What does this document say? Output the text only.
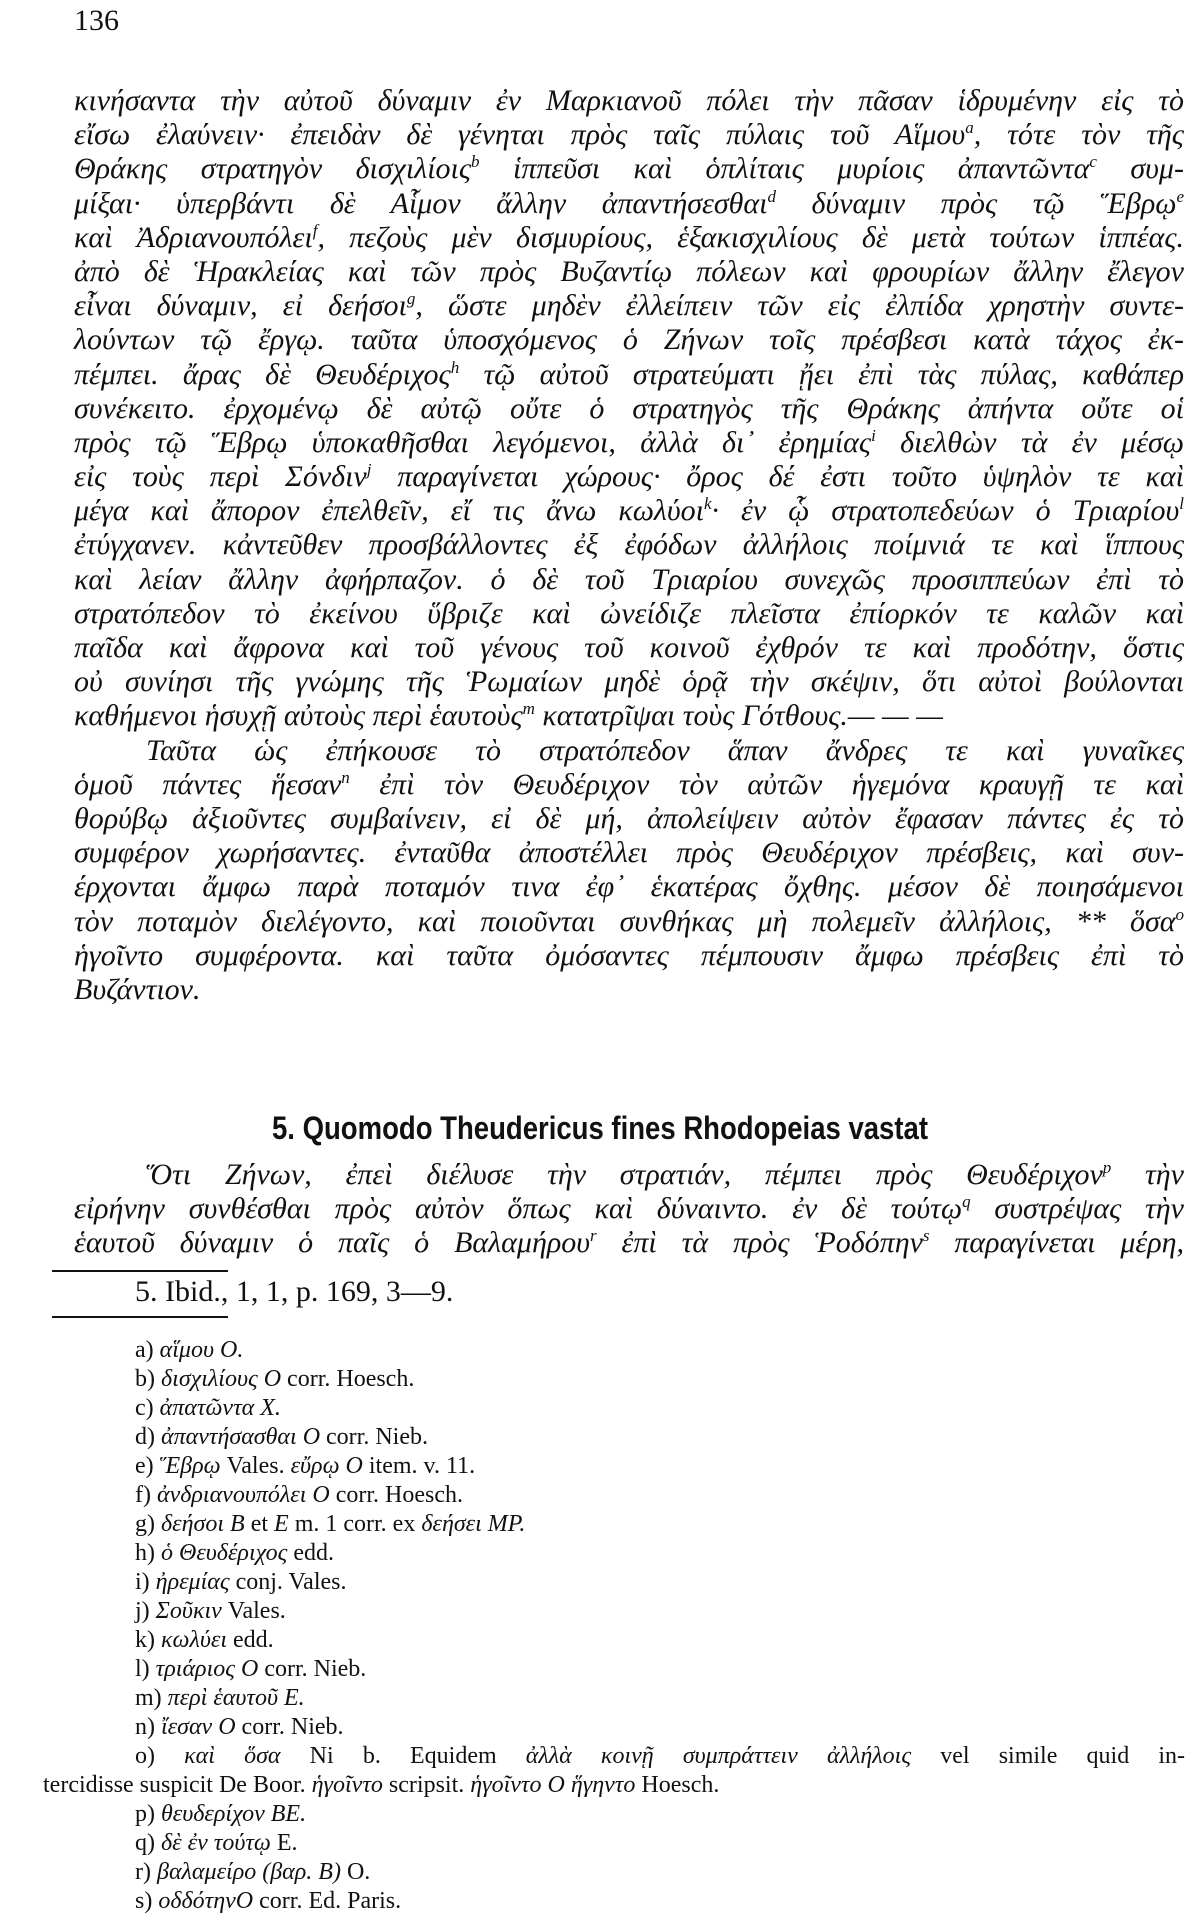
136
κινήσαντα τὴν αὐτοῦ δύναμιν ἐν Μαρκιανοῦ πόλει τὴν πᾶσαν ἱδρυμένην εἰς τὸ
εἴσω ἐλαύνειν· ἐπειδὰν δὲ γένηται πρὸς ταῖς πύλαις τοῦ Αἵμου$^a$, τότε τὸν τῆς
Θράκης στρατηγὸν δισχιλίοις$^b$ ἱππεῦσι καὶ ὁπλίταις μυρίοις ἀπαντῶντα$^c$ συμ-
μίξαι· ὑπερβάντι δὲ Αἷμον ἄλλην ἀπαντήσεσθαι$^d$ δύναμιν πρὸς τῷ Ἕβρῳ$^e$
καὶ Ἀδριανουπόλει$^f$, πεζοὺς μὲν δισμυρίους, ἑξακισχιλίους δὲ μετὰ τούτων ἱππέας.
ἀπὸ δὲ Ἡρακλείας καὶ τῶν πρὸς Βυζαντίῳ πόλεων καὶ φρουρίων ἄλλην ἔλεγον
εἶναι δύναμιν, εἰ δεήσοι$^g$, ὥστε μηδὲν ἐλλείπειν τῶν εἰς ἐλπίδα χρηστὴν συντε-
λούντων τῷ ἔργῳ. ταῦτα ὑποσχόμενος ὁ Ζήνων τοῖς πρέσβεσι κατὰ τάχος ἐκ-
πέμπει. ἄρας δὲ Θευδέριχος$^h$ τῷ αὐτοῦ στρατεύματι ᾔει ἐπὶ τὰς πύλας, καθάπερ
συνέκειτο. ἐρχομένῳ δὲ αὐτῷ οὔτε ὁ στρατηγὸς τῆς Θράκης ἀπήντα οὔτε οἱ
πρὸς τῷ Ἕβρῳ ὑποκαθῆσθαι λεγόμενοι, ἀλλὰ δι᾽ ἐρημίας$^i$ διελθὼν τὰ ἐν μέσῳ
εἰς τοὺς περὶ Σόνδιν$^j$ παραγίνεται χώρους· ὄρος δέ ἐστι τοῦτο ὑψηλὸν τε καὶ
μέγα καὶ ἄπορον ἐπελθεῖν, εἴ τις ἄνω κωλύοι$^k$· ἐν ᾧ στρατοπεδεύων ὁ Τριαρίου$^l$
ἐτύγχανεν. κἀντεῦθεν προσβάλλοντες ἐξ ἐφόδων ἀλλήλοις ποίμνιά τε καὶ ἵππους
καὶ λείαν ἄλλην ἀφήρπαζον. ὁ δὲ τοῦ Τριαρίου συνεχῶς προσιππεύων ἐπὶ τὸ
στρατόπεδον τὸ ἐκείνου ὕβριζε καὶ ὠνείδιζε πλεῖστα ἐπίορκόν τε καλῶν καὶ
παῖδα καὶ ἄφρονα καὶ τοῦ γένους τοῦ κοινοῦ ἐχθρόν τε καὶ προδότην, ὅστις
οὐ συνίησι τῆς γνώμης τῆς Ῥωμαίων μηδὲ ὁρᾷ τὴν σκέψιν, ὅτι αὐτοὶ βούλονται
καθήμενοι ἡσυχῇ αὐτοὺς περὶ ἑαυτοὺς$^m$ κατατρῖψαι τοὺς Γότθους.— — —
Ταῦτα ὡς ἐπήκουσε τὸ στρατόπεδον ἅπαν ἄνδρες τε καὶ γυναῖκες
ὁμοῦ πάντες ἥεσαν$^n$ ἐπὶ τὸν Θευδέριχον τὸν αὐτῶν ἡγεμόνα κραυγῇ τε καὶ
θορύβῳ ἀξιοῦντες συμβαίνειν, εἰ δὲ μή, ἀπολείψειν αὐτὸν ἔφασαν πάντες ἐς τὸ
συμφέρον χωρήσαντες. ἐνταῦθα ἀποστέλλει πρὸς Θευδέριχον πρέσβεις, καὶ συν-
έρχονται ἄμφω παρὰ ποταμόν τινα ἐφ᾽ ἑκατέρας ὄχθης. μέσον δὲ ποιησάμενοι
τὸν ποταμὸν διελέγοντο, καὶ ποιοῦνται συνθήκας μὴ πολεμεῖν ἀλλήλοις, ** ὅσα$^o$
ἡγοῖντο συμφέροντα. καὶ ταῦτα ὀμόσαντες πέμπουσιν ἄμφω πρέσβεις ἐπὶ τὸ
Βυζάντιον.
5. Quomodo Theudericus fines Rhodopeias vastat
Ὅτι Ζήνων, ἐπεὶ διέλυσε τὴν στρατιάν, πέμπει πρὸς Θευδέριχον$^p$ τὴν
εἰρήνην συνθέσθαι πρὸς αὐτὸν ὅπως καὶ δύναιντο. ἐν δὲ τούτῳ$^q$ συστρέψας τὴν
ἑαυτοῦ δύναμιν ὁ παῖς ὁ Βαλαμήρου$^r$ ἐπὶ τὰ πρὸς Ῥοδόπην$^s$ παραγίνεται μέρη,
5. Ibid., 1, 1, p. 169, 3—9.
a) αἵμου O.
b) δισχιλίους O corr. Hoesch.
c) ἀπατῶντα X.
d) ἀπαντήσασθαι O corr. Nieb.
e) Ἕβρῳ Vales. εὔρῳ O item. v. 11.
f) ἀνδριανουπόλει O corr. Hoesch.
g) δεήσοι B et E m. 1 corr. ex δεήσει MP.
h) ὁ Θευδέριχος edd.
i) ἠρεμίας conj. Vales.
j) Σοῦκιν Vales.
k) κωλύει edd.
l) τριάριος O corr. Nieb.
m) περὶ ἑαυτοῦ E.
n) ἴεσαν O corr. Nieb.
o) καὶ ὅσα Ni b. Equidem ἀλλὰ κοινῇ συμπράττειν ἀλλήλοις vel simile quid in-
tercidisse suspicit De Boor. ἡγοῖντο scripsit. ἡγοῖντο O ἥγηντο Hoesch.
p) θευδερίχον BE.
q) δὲ ἐν τούτῳ E.
r) βαλαμείρο (βαρ. B) O.
s) οδδότηνO corr. Ed. Paris.
